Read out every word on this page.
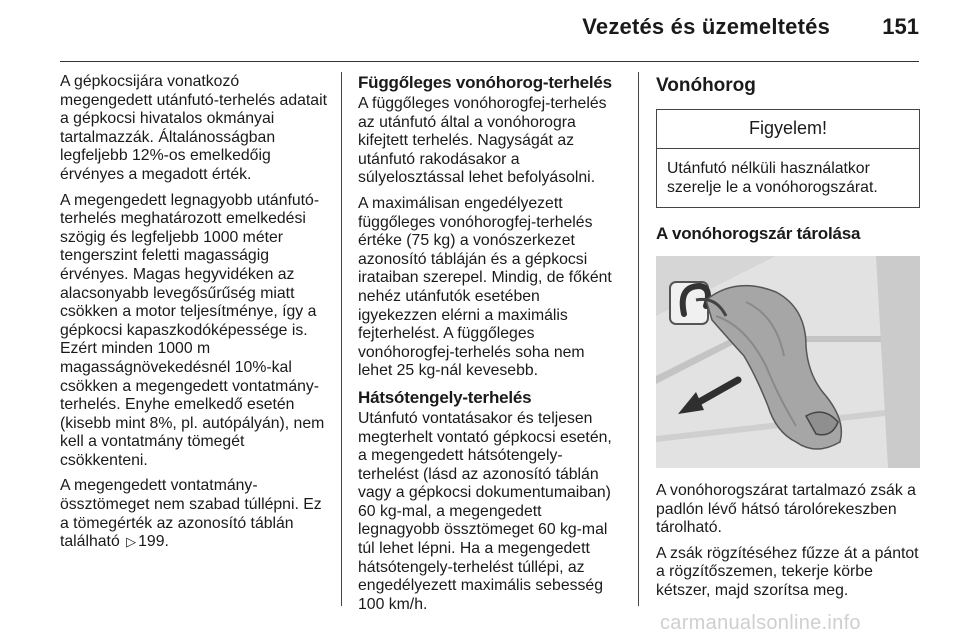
Vezetés és üzemeltetés 151

A gépkocsijára vonatkozó megengedett utánfutó-terhelés adatait a gépkocsi hivatalos okmányai tartalmazzák. Általánosságban legfeljebb 12%-os emelkedőig érvényes a megadott érték.

A megengedett legnagyobb utánfutó-terhelés meghatározott emelkedési szögig és legfeljebb 1000 méter tengerszint feletti magasságig érvényes. Magas hegyvidéken az alacsonyabb levegősűrűség miatt csökken a motor teljesítménye, így a gépkocsi kapaszkodóképessége is. Ezért minden 1000 m magasságnövekedésnél 10%-kal csökken a megengedett vontatmány-terhelés. Enyhe emelkedő esetén (kisebb mint 8%, pl. autópályán), nem kell a vontatmány tömegét csökkenteni.

A megengedett vontatmány-össztömeget nem szabad túllépni. Ez a tömegérték az azonosító táblán található ▷ 199.

Függőleges vonóhorog-terhelés

A függőleges vonóhorogfej-terhelés az utánfutó által a vonóhorogra kifejtett terhelés. Nagyságát az utánfutó rakodásakor a súlyelosztással lehet befolyásolni.

A maximálisan engedélyezett függőleges vonóhorogfej-terhelés értéke (75 kg) a vonószerkezet azonosító tábláján és a gépkocsi irataiban szerepel. Mindig, de főként nehéz utánfutók esetében igyekezzen elérni a maximális fejterhelést. A függőleges vonóhorogfej-terhelés soha nem lehet 25 kg-nál kevesebb.

Hátsótengely-terhelés

Utánfutó vontatásakor és teljesen megterhelt vontató gépkocsi esetén, a megengedett hátsótengely-terhelést (lásd az azonosító táblán vagy a gépkocsi dokumentumaiban) 60 kg-mal, a megengedett legnagyobb össztömeget 60 kg-mal túl lehet lépni. Ha a megengedett hátsótengely-terhelést túllépi, az engedélyezett maximális sebesség 100 km/h.

Vonóhorog
Figyelem!
Utánfutó nélküli használatkor szerelje le a vonóhorogszárat.
A vonóhorogszár tárolása

A vonóhorogszárat tartalmazó zsák a padlón lévő hátsó tárolórekeszben tárolható.

A zsák rögzítéséhez fűzze át a pántot a rögzítőszemen, tekerje körbe kétszer, majd szorítsa meg.

carmanualsonline.info
